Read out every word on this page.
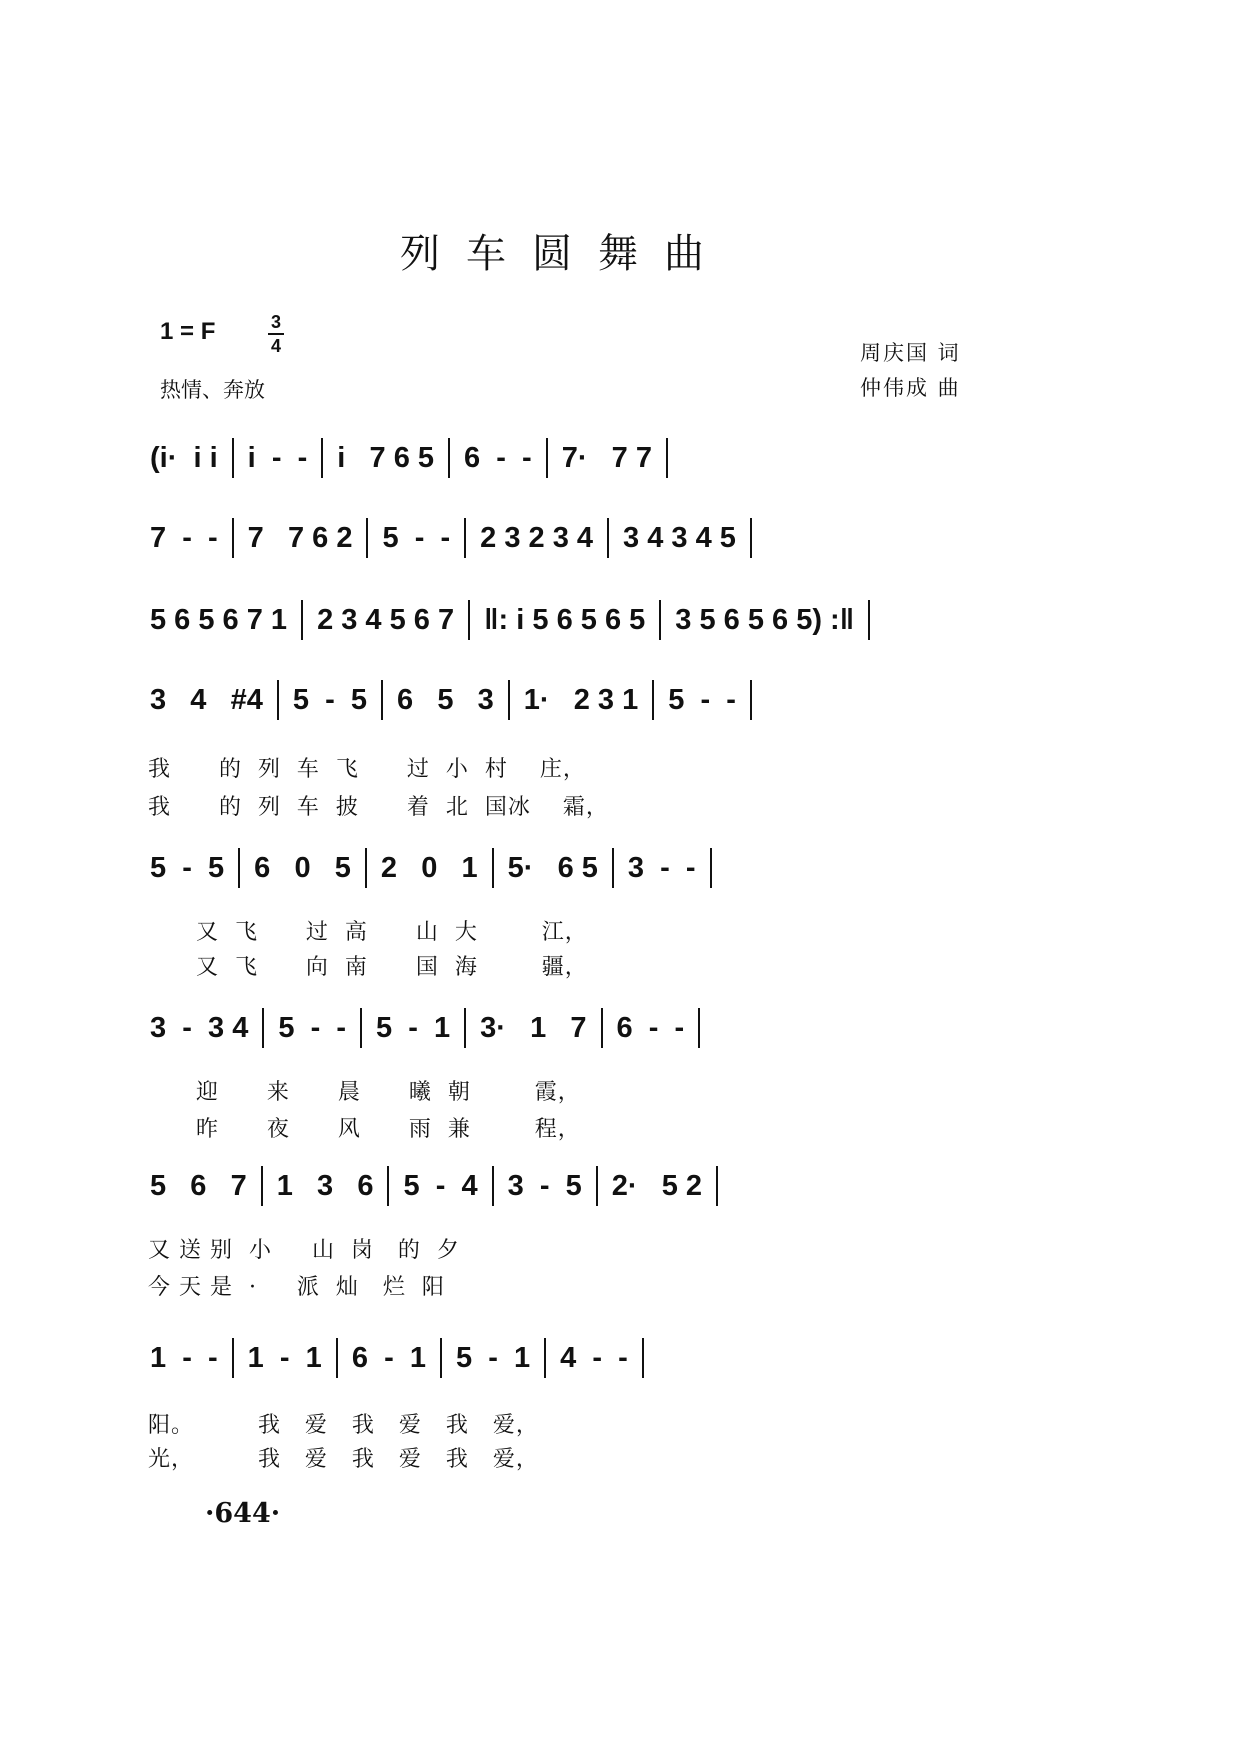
列车圆舞曲
1 = F	3
4
热情、奔放
周庆国 词
仲伟成 曲
(i·  i i i  -  - i   7 6 5 6  -  - 7·   7 7
7  -  - 7   7 6 2 5  -  - 2 3 2 3 4 3 4 3 4 5
5 6 5 6 7 1 2 3 4 5 6 7 ‖: i 5 6 5 6 5 3 5 6 5 6 5) :‖
3   4   #4 5  -  5 6   5   3 1·   2 3 1 5  -  -
我      的  列  车  飞      过  小  村    庄，
我      的  列  车  披      着  北  国冰    霜，
5  -  5 6   0   5 2   0   1 5·   6 5 3  -  -
又  飞      过  高      山  大        江，
又  飞      向  南      国  海        疆，
3  -  3 4 5  -  - 5  -  1 3·   1   7 6  -  -
迎      来      晨      曦  朝        霞，
昨      夜      风      雨  兼        程，
5   6   7 1   3   6 5  -  4 3  -  5 2·   5 2
又 送 别  小     山  岗   的  夕
今 天 是  ·     派  灿   烂  阳
1  -  - 1  -  1 6  -  1 5  -  1 4  -  -
阳。        我   爱   我   爱   我   爱，
光，        我   爱   我   爱   我   爱，
·644·
